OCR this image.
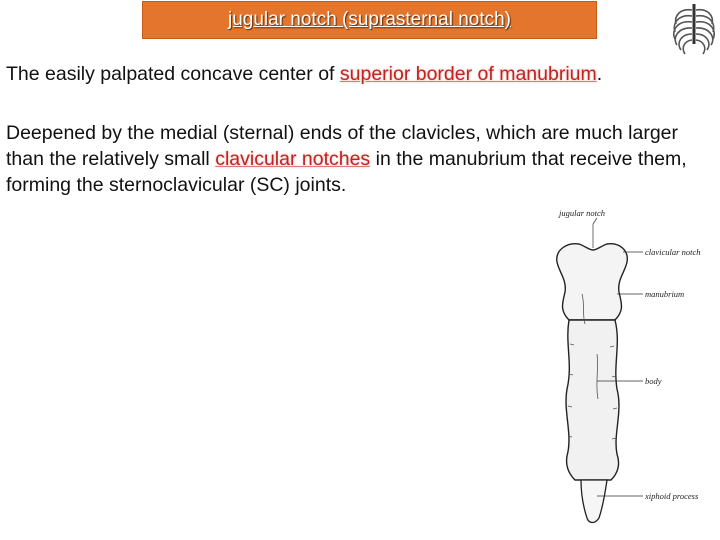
jugular notch (suprasternal notch)

The easily palpated concave center of superior border of manubrium.

Deepened by the medial (sternal) ends of the clavicles, which are much larger than the relatively small clavicular notches in the manubrium that receive them, forming the sternoclavicular (SC) joints.

jugular notch
clavicular notch
manubrium
body
xiphoid process
